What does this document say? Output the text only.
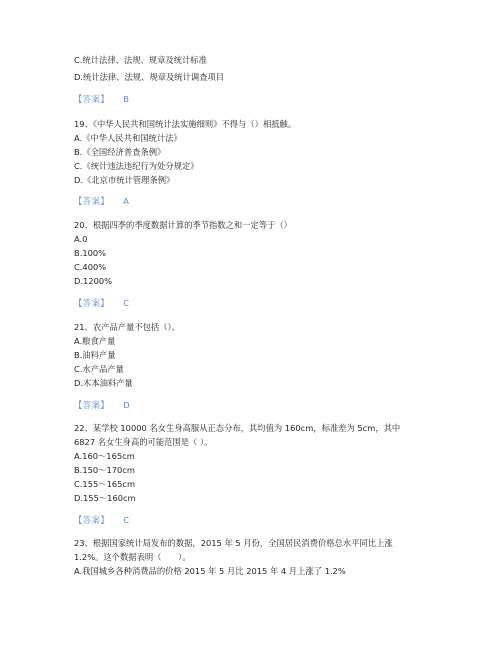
C.统计法律、法规、规章及统计标准
D.统计法律、法规、规章及统计调查项目
【答案】 B
19、《中华人民共和国统计法实施细则》不得与（）相抵触。
A.《中华人民共和国统计法》
B.《全国经济普查条例》
C.《统计违法违纪行为处分规定》
D.《北京市统计管理条例》
【答案】 A
20、根据四季的季度数据计算的季节指数之和一定等于（）
A.0
B.100%
C.400%
D.1200%
【答案】 C
21、农产品产量不包括（）。
A.粮食产量
B.油料产量
C.水产品产量
D.木本油料产量
【答案】 D
22、某学校 10000 名女生身高服从正态分布，其均值为 160cm，标准差为 5cm，其中
6827 名女生身高的可能范围是（ ）。
A.160～165cm
B.150～170cm
C.155～165cm
D.155～160cm
【答案】 C
23、根据国家统计局发布的数据，2015 年 5 月份，全国居民消费价格总水平同比上涨
1.2%。这个数据表明（　　）。
A.我国城乡各种消费品的价格 2015 年 5 月比 2015 年 4 月上涨了 1.2%
